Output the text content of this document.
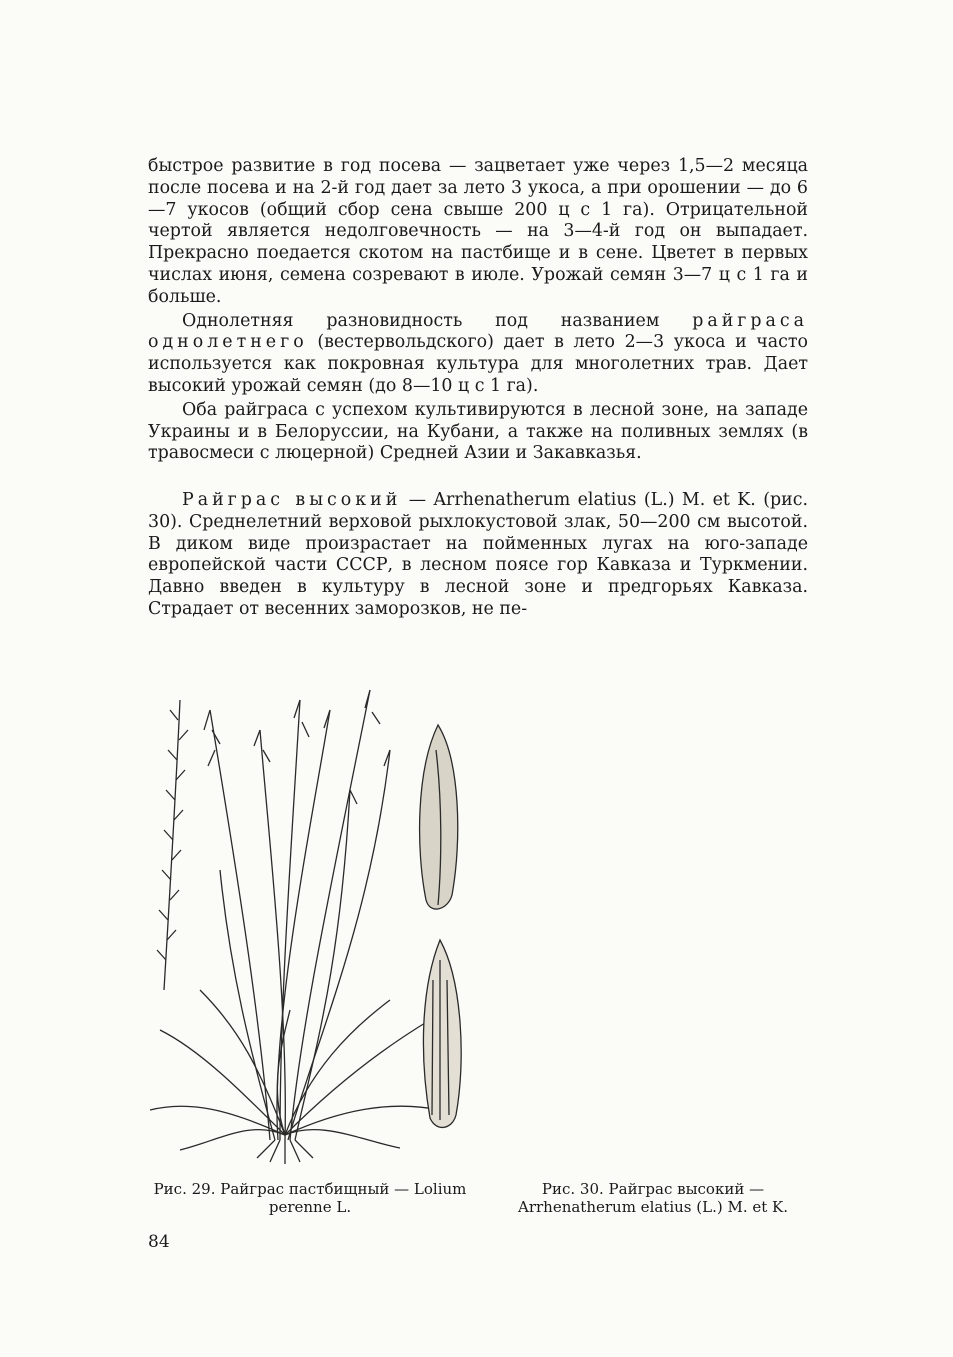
быстрое развитие в год посева — зацветает уже через 1,5—2 месяца после посева и на 2-й год дает за лето 3 укоса, а при орошении — до 6—7 укосов (общий сбор сена свыше 200 ц с 1 га). Отрицательной чертой является недолговечность — на 3—4-й год он выпадает. Прекрасно поедается скотом на пастбище и в сене. Цветет в первых числах июня, семена созревают в июле. Урожай семян 3—7 ц с 1 га и больше.

Однолетняя разновидность под названием райграса однолетнего (вестервольдского) дает в лето 2—3 укоса и часто используется как покровная культура для многолетних трав. Дает высокий урожай семян (до 8—10 ц с 1 га).

Оба райграса с успехом культивируются в лесной зоне, на западе Украины и в Белоруссии, на Кубани, а также на поливных землях (в травосмеси с люцерной) Средней Азии и Закавказья.

Райграс высокий — Arrhenatherum elatius (L.) M. et K. (рис. 30). Среднелетний верховой рыхлокустовой злак, 50—200 см высотой. В диком виде произрастает на пойменных лугах на юго-западе европейской части СССР, в лесном поясе гор Кавказа и Туркмении. Давно введен в культуру в лесной зоне и предгорьях Кавказа. Страдает от весенних заморозков, не пе-

Рис. 29. Райграс пастбищный — Lolium perenne L.
Рис. 30. Райграс высокий — Arrhenatherum elatius (L.) M. et K.
84
